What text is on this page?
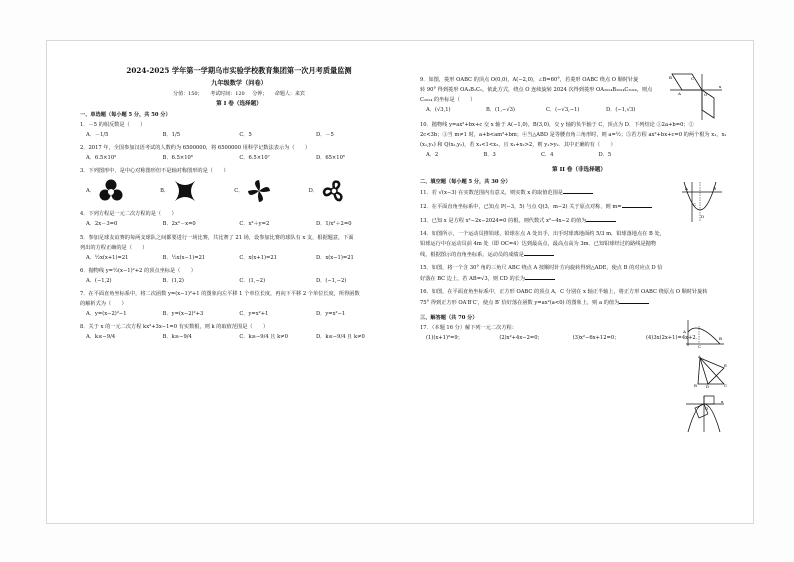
2024-2025 学年第一学期乌市实验学校教育集团第一次月考质量监测
九年级数学（问卷）
分值：150； 考试时间：120 分钟； 命题人：来宾
第 I 卷（选择题）
一、单选题（每小题 5 分，共 50 分）
1．－5 的相反数是（　　）
A．－1/5	B．1/5	C．5	D．－5
2．2017 年，全国参加汉语考试的人数约为 6500000，将 6500000 用科学记数法表示为（　　）
A．6.5×10⁵	B．6.5×10⁶	C．6.5×10⁷	D．65×10⁵
3．下列图形中，是中心对称图形但不是轴对称图形的是（　　）
A．	B．	C．	D．
4．下列方程是一元二次方程的是（　　）
A．2x－3=0	B．2x²－x=0	C．x²＋y=2	D．1/x²＋2=0
5．参加足球友谊赛的每两支球队之间都要进行一场比赛，共比赛了 21 场，设参加比赛的球队有 x 支，根据题意，下面
列出的方程正确的是（　　）
A．½x(x+1)=21	B．½x(x−1)=21	C．x(x+1)=21	D．x(x−1)=21
6．抛物线 y=½(x−1)²+2 的顶点坐标是（　　）
A．(−1,2)	B．(1,2)	C．(1,−2)	D．(−1,−2)
7．在平面直角坐标系中，将二次函数 y=(x−1)²+1 的图象向左平移 1 个单位长度，再向下平移 2 个单位长度，所得函数
的解析式为（　　）
A．y=(x−2)²−1	B．y=(x−2)²+3	C．y=x²+1	D．y=x²−1
8．关于 x 的一元二次方程 kx²+3x−1=0 有实数根，则 k 的取值范围是（　　）
A．k≤−9/4	B．k≥−9/4	C．k≥−9/4 且 k≠0	D．k≤−9/4 且 k≠0
9．如图，菱形 OABC 的顶点 O(0,0)，A(−2,0)，∠B=60°，若菱形 OABC 绕点 O 顺时针旋
转 90° 得到菱形 OA₁B₁C₁，依此方式，绕点 O 连续旋转 2024 次得到菱形 OA₂₀₂₄B₂₀₂₄C₂₀₂₄，则点
C₂₀₂₄ 的坐标是（　　）
A．(√3,1)	B．(1,−√3)	C．(−√3,−1)	D．(−1,√3)
10．抛物线 y=ax²+bx+c 交 x 轴于 A(−1,0)，B(3,0)，交 y 轴的负半轴于 C，顶点为 D．下列结论 ①2a+b=0；②
2c<3b；③当 m≠1 时，a+b<am²+bm；④当△ABD 是等腰直角三角形时，则 a=½；⑤若方程 ax²+bx+c=0 的两个根为 x₁，x₂
(x₁,y₁) 和 Q(x₂,y₂)，若 x₁<1<x₂，且 x₁+x₂>2，则 y₁>y₂．其中正确的有（　　）
A．2	B．3	C．4	D．5
第 II 卷（非选择题）
二、填空题（每小题 5 分，共 30 分）
11．若 √(x−3) 在实数范围内有意义，则实数 x 的取值范围是
12．在平面直角坐标系中，已知点 P(−3，5) 与点 Q(3，m−2) 关于原点对称，则 m=
13．已知 x 是方程 x²−2x−2024=0 的根，则代数式 x²−4x−2 的值为
14．如图所示，一个运动员推铅球，铅球在点 A 处出手，出手时球离地面约 5/3 m，铅球落地点在 B 处，
铅球运行中在运动员前 4m 处（即 OC=4）达到最高点，最高点高为 3m．已知铅球经过的路线是抛物
线，根据图示的直角坐标系，运动员的成绩是
15．如图，将一个含 30° 角的三角尺 ABC 绕点 A 按顺时针方向旋转得到△ADE，使点 B 的对应点 D 恰
好落在 BC 边上，若 AB=√3，则 CD 的长为
16．如图，在平面直角坐标系中，正方形 OABC 的顶点 A，C 分别在 x 轴正半轴上，将正方形 OABC 绕原点 O 顺时针旋转
75° 得到正方形 OA′B′C′，使点 B′ 恰好落在函数 y=ax²(a<0) 的图象上，则 a 的值为
三、解答题（共 70 分）
17．（本题 16 分）解下列一元二次方程：
(1)(x+1)²=9；	(2)x²+4x−2=0；	(3)x²−6x+12=0；	(4)3x(2x+1)=4x+2．
O
A
B	C
x
A	B
C
D
A
B
C
A
B	C
D
E
O
x
